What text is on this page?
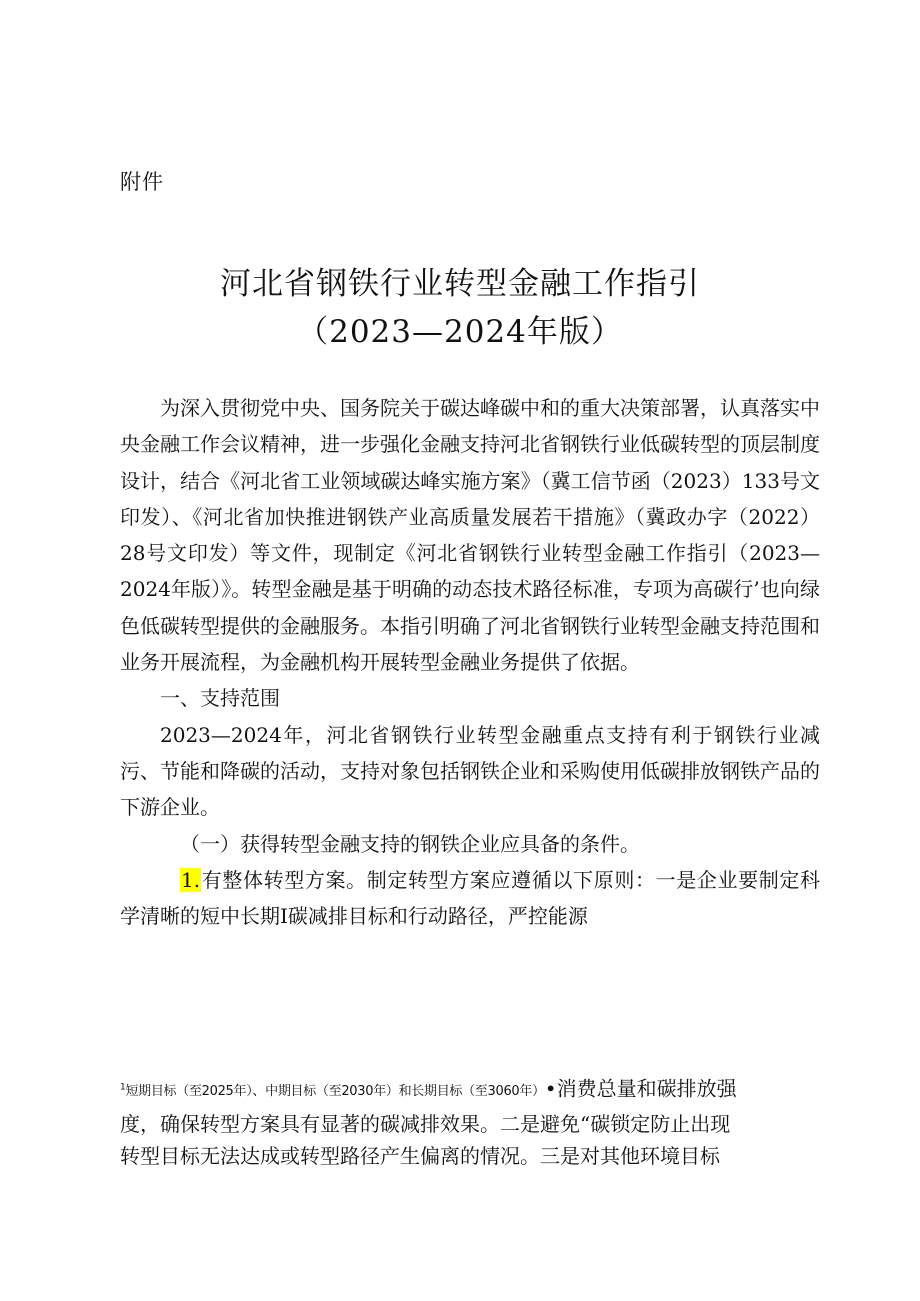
附件
河北省钢铁行业转型金融工作指引
（2023—2024年版）

为深入贯彻党中央、国务院关于碳达峰碳中和的重大决策部署，认真落实中央金融工作会议精神，进一步强化金融支持河北省钢铁行业低碳转型的顶层制度设计，结合《河北省工业领域碳达峰实施方案》（冀工信节函（2023）133号文印发）、《河北省加快推进钢铁产业高质量发展若干措施》（冀政办字（2022）28号文印发）等文件，现制定《河北省钢铁行业转型金融工作指引（2023—2024年版）》。转型金融是基于明确的动态技术路径标准，专项为高碳行’也向绿色低碳转型提供的金融服务。本指引明确了河北省钢铁行业转型金融支持范围和业务开展流程，为金融机构开展转型金融业务提供了依据。

一、支持范围

2023—2024年，河北省钢铁行业转型金融重点支持有利于钢铁行业减污、节能和降碳的活动，支持对象包括钢铁企业和采购使用低碳排放钢铁产品的下游企业。

（一）获得转型金融支持的钢铁企业应具备的条件。

1.有整体转型方案。制定转型方案应遵循以下原则：一是企业要制定科学清晰的短中长期I碳减排目标和行动路径，严控能源

$^1$短期目标（至2025年）、中期目标（至2030年）和长期目标（至3060年）•消费总量和碳排放强

度，确保转型方案具有显著的碳减排效果。二是避免“碳锁定防止出现

转型目标无法达成或转型路径产生偏离的情况。三是对其他环境目标
